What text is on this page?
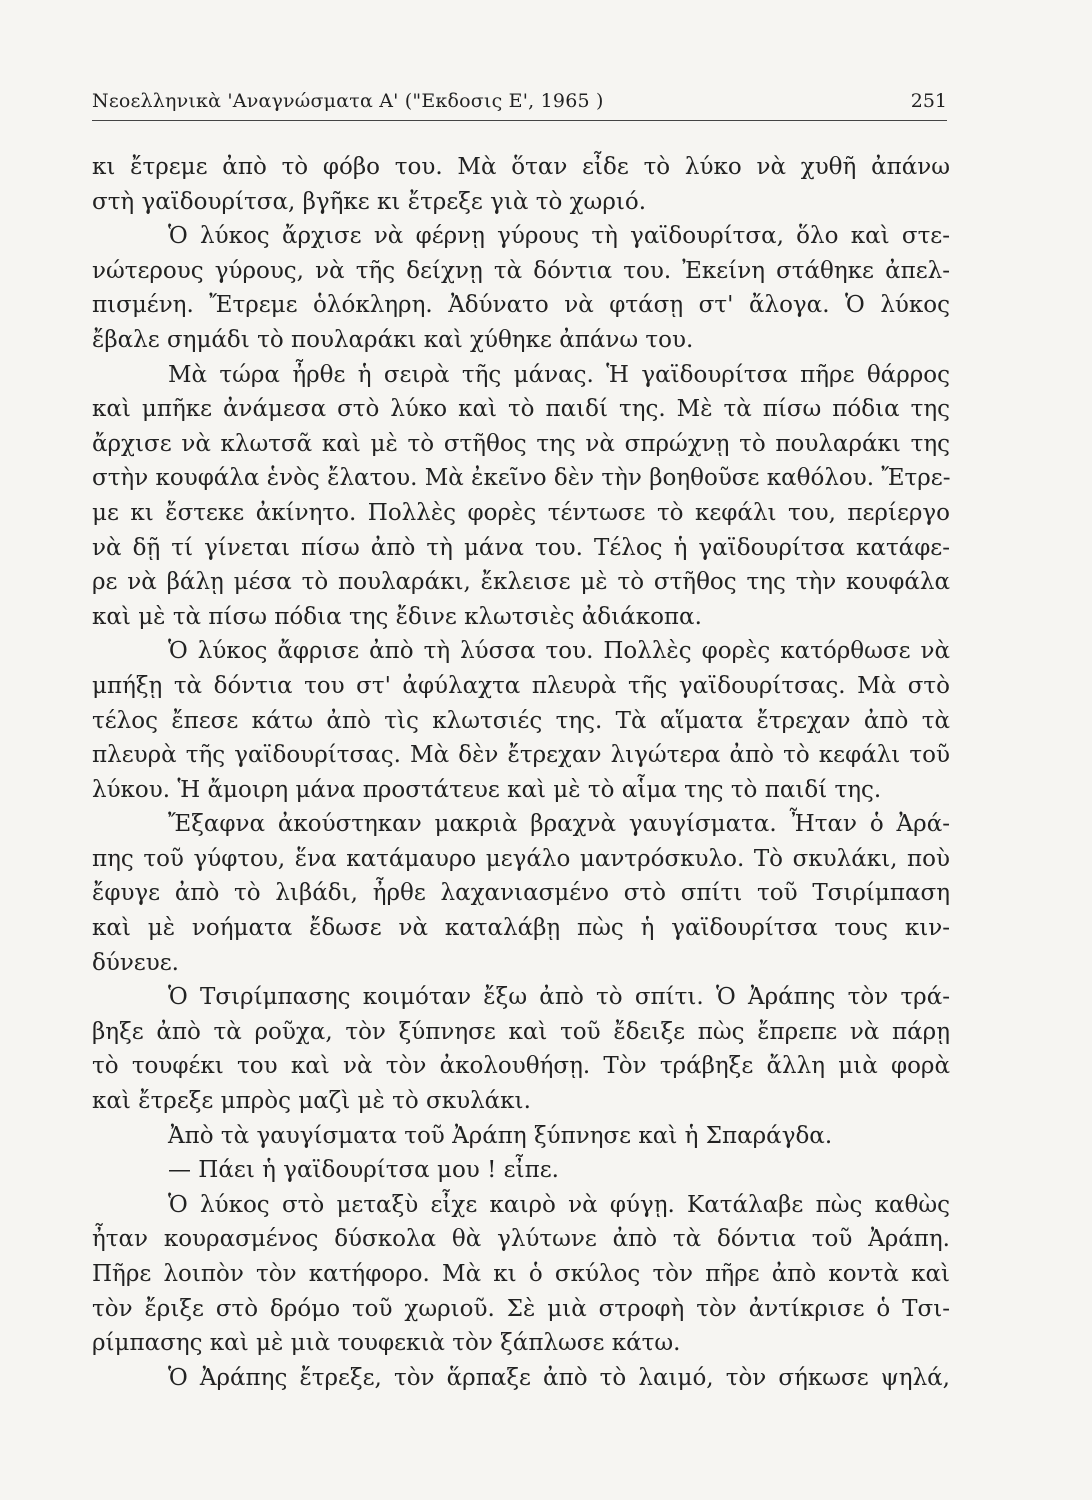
Νεοελληνικὰ 'Αναγνώσματα Α' ("Εκδοσις Ε', 1965 )	251
κι ἔτρεμε ἀπὸ τὸ φόβο του. Μὰ ὅταν εἶδε τὸ λύκο νὰ χυθῆ ἀπάνω
στὴ γαϊδουρίτσα, βγῆκε κι ἔτρεξε γιὰ τὸ χωριό.
Ὁ λύκος ἄρχισε νὰ φέρνῃ γύρους τὴ γαϊδουρίτσα, ὅλο καὶ στε-
νώτερους γύρους, νὰ τῆς δείχνῃ τὰ δόντια του. Ἐκείνη στάθηκε ἀπελ-
πισμένη. Ἔτρεμε ὁλόκληρη. Ἀδύνατο νὰ φτάσῃ στ' ἄλογα. Ὁ λύκος
ἔβαλε σημάδι τὸ πουλαράκι καὶ χύθηκε ἀπάνω του.
Μὰ τώρα ἦρθε ἡ σειρὰ τῆς μάνας. Ἡ γαϊδουρίτσα πῆρε θάρρος
καὶ μπῆκε ἀνάμεσα στὸ λύκο καὶ τὸ παιδί της. Μὲ τὰ πίσω πόδια της
ἄρχισε νὰ κλωτσᾶ καὶ μὲ τὸ στῆθος της νὰ σπρώχνῃ τὸ πουλαράκι της
στὴν κουφάλα ἑνὸς ἔλατου. Μὰ ἐκεῖνο δὲν τὴν βοηθοῦσε καθόλου. Ἔτρε-
με κι ἔστεκε ἀκίνητο. Πολλὲς φορὲς τέντωσε τὸ κεφάλι του, περίεργο
νὰ δῇ τί γίνεται πίσω ἀπὸ τὴ μάνα του. Τέλος ἡ γαϊδουρίτσα κατάφε-
ρε νὰ βάλῃ μέσα τὸ πουλαράκι, ἔκλεισε μὲ τὸ στῆθος της τὴν κουφάλα
καὶ μὲ τὰ πίσω πόδια της ἔδινε κλωτσιὲς ἀδιάκοπα.
Ὁ λύκος ἄφρισε ἀπὸ τὴ λύσσα του. Πολλὲς φορὲς κατόρθωσε νὰ
μπήξῃ τὰ δόντια του στ' ἀφύλαχτα πλευρὰ τῆς γαϊδουρίτσας. Μὰ στὸ
τέλος ἔπεσε κάτω ἀπὸ τὶς κλωτσιές της. Τὰ αἵματα ἔτρεχαν ἀπὸ τὰ
πλευρὰ τῆς γαϊδουρίτσας. Μὰ δὲν ἔτρεχαν λιγώτερα ἀπὸ τὸ κεφάλι τοῦ
λύκου. Ἡ ἄμοιρη μάνα προστάτευε καὶ μὲ τὸ αἷμα της τὸ παιδί της.
Ἔξαφνα ἀκούστηκαν μακριὰ βραχνὰ γαυγίσματα. Ἦταν ὁ Ἀρά-
πης τοῦ γύφτου, ἕνα κατάμαυρο μεγάλο μαντρόσκυλο. Τὸ σκυλάκι, ποὺ
ἔφυγε ἀπὸ τὸ λιβάδι, ἦρθε λαχανιασμένο στὸ σπίτι τοῦ Τσιρίμπαση
καὶ μὲ νοήματα ἔδωσε νὰ καταλάβῃ πὼς ἡ γαϊδουρίτσα τους κιν-
δύνευε.
Ὁ Τσιρίμπασης κοιμόταν ἔξω ἀπὸ τὸ σπίτι. Ὁ Ἀράπης τὸν τρά-
βηξε ἀπὸ τὰ ροῦχα, τὸν ξύπνησε καὶ τοῦ ἔδειξε πὼς ἔπρεπε νὰ πάρῃ
τὸ τουφέκι του καὶ νὰ τὸν ἀκολουθήσῃ. Τὸν τράβηξε ἄλλη μιὰ φορὰ
καὶ ἔτρεξε μπρὸς μαζὶ μὲ τὸ σκυλάκι.
Ἀπὸ τὰ γαυγίσματα τοῦ Ἀράπη ξύπνησε καὶ ἡ Σπαράγδα.
— Πάει ἡ γαϊδουρίτσα μου ! εἶπε.
Ὁ λύκος στὸ μεταξὺ εἶχε καιρὸ νὰ φύγῃ. Κατάλαβε πὼς καθὼς
ἦταν κουρασμένος δύσκολα θὰ γλύτωνε ἀπὸ τὰ δόντια τοῦ Ἀράπη.
Πῆρε λοιπὸν τὸν κατήφορο. Μὰ κι ὁ σκύλος τὸν πῆρε ἀπὸ κοντὰ καὶ
τὸν ἔριξε στὸ δρόμο τοῦ χωριοῦ. Σὲ μιὰ στροφὴ τὸν ἀντίκρισε ὁ Τσι-
ρίμπασης καὶ μὲ μιὰ τουφεκιὰ τὸν ξάπλωσε κάτω.
Ὁ Ἀράπης ἔτρεξε, τὸν ἅρπαξε ἀπὸ τὸ λαιμό, τὸν σήκωσε ψηλά,
